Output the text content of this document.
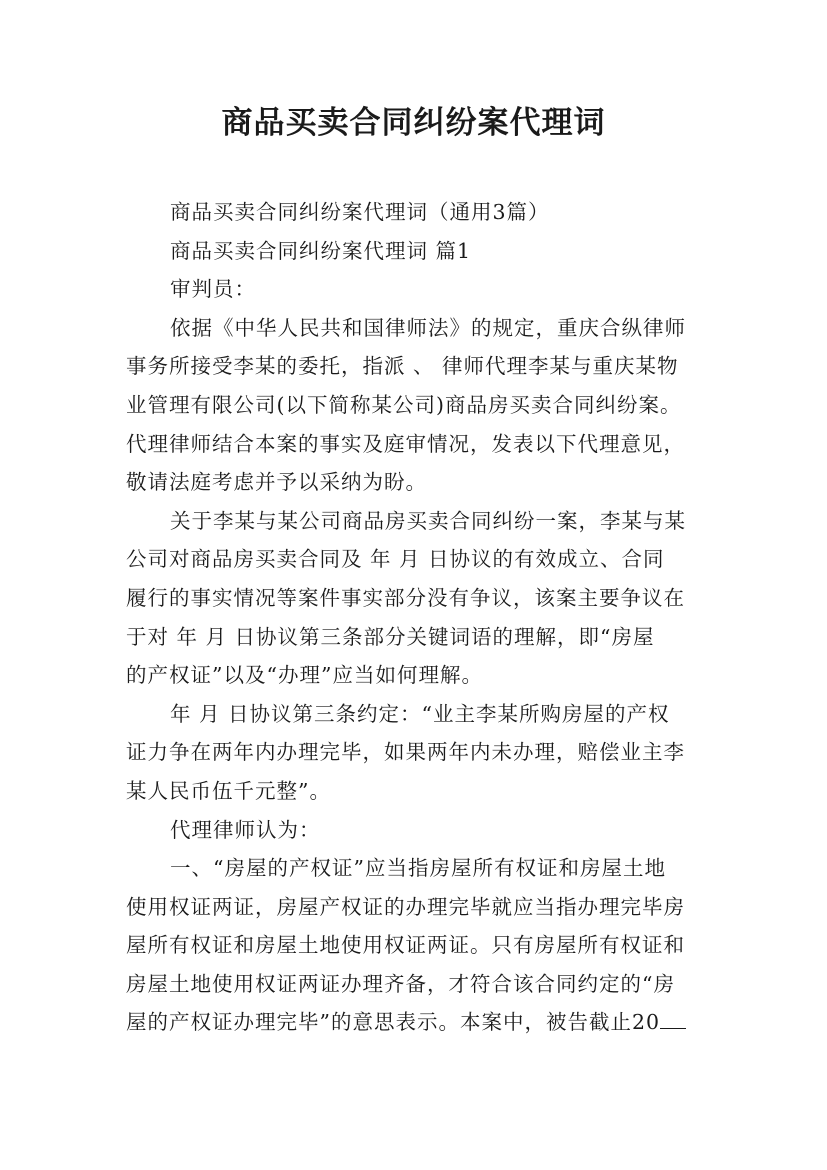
商品买卖合同纠纷案代理词
商品买卖合同纠纷案代理词（通用3篇）
商品买卖合同纠纷案代理词 篇1
审判员：
依据《中华人民共和国律师法》的规定，重庆合纵律师
事务所接受李某的委托，指派 、 律师代理李某与重庆某物
业管理有限公司(以下简称某公司)商品房买卖合同纠纷案。
代理律师结合本案的事实及庭审情况，发表以下代理意见，
敬请法庭考虑并予以采纳为盼。
关于李某与某公司商品房买卖合同纠纷一案，李某与某
公司对商品房买卖合同及 年 月 日协议的有效成立、合同
履行的事实情况等案件事实部分没有争议，该案主要争议在
于对 年 月 日协议第三条部分关键词语的理解，即“房屋
的产权证”以及“办理”应当如何理解。
年 月 日协议第三条约定：“业主李某所购房屋的产权
证力争在两年内办理完毕，如果两年内未办理，赔偿业主李
某人民币伍千元整”。
代理律师认为：
一、“房屋的产权证”应当指房屋所有权证和房屋土地
使用权证两证，房屋产权证的办理完毕就应当指办理完毕房
屋所有权证和房屋土地使用权证两证。只有房屋所有权证和
房屋土地使用权证两证办理齐备，才符合该合同约定的“房
屋的产权证办理完毕”的意思表示。本案中，被告截止20
